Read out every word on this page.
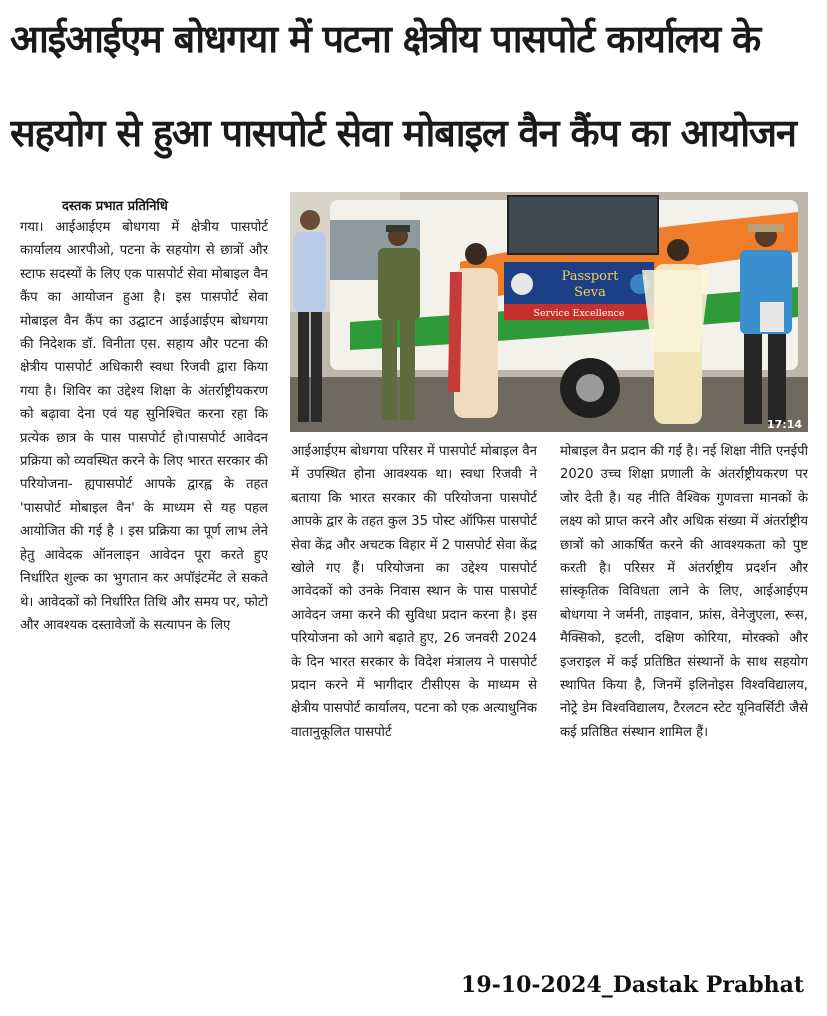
आईआईएम बोधगया में पटना क्षेत्रीय पासपोर्ट कार्यालय के
सहयोग से हुआ पासपोर्ट सेवा मोबाइल वैन कैंप का आयोजन
दस्तक प्रभात प्रतिनिधि
Passport
Seva
Service Excellence
17:14

गया। आईआईएम बोधगया में क्षेत्रीय पासपोर्ट कार्यालय आरपीओ, पटना के सहयोग से छात्रों और स्टाफ सदस्यों के लिए एक पासपोर्ट सेवा मोबाइल वैन कैंप का आयोजन हुआ है। इस पासपोर्ट सेवा मोबाइल वैन कैंप का उद्घाटन आईआईएम बोधगया की निदेशक डॉ. विनीता एस. सहाय और पटना की क्षेत्रीय पासपोर्ट अधिकारी स्वधा रिजवी द्वारा किया गया है। शिविर का उद्देश्य शिक्षा के अंतर्राष्ट्रीयकरण को बढ़ावा देना एवं यह सुनिश्चित करना रहा कि प्रत्येक छात्र के पास पासपोर्ट हो।पासपोर्ट आवेदन प्रक्रिया को व्यवस्थित करने के लिए भारत सरकार की परियोजना- ह्यपासपोर्ट आपके द्वारह्व के तहत 'पासपोर्ट मोबाइल वैन' के माध्यम से यह पहल आयोजित की गई है । इस प्रक्रिया का पूर्ण लाभ लेने हेतु आवेदक ऑनलाइन आवेदन पूरा करते हुए निर्धारित शुल्क का भुगतान कर अपॉइंटमेंट ले सकते थे। आवेदकों को निर्धारित तिथि और समय पर, फोटो और आवश्यक दस्तावेजों के सत्यापन के लिए

आईआईएम बोधगया परिसर में पासपोर्ट मोबाइल वैन में उपस्थित होना आवश्यक था। स्वधा रिजवी ने बताया कि भारत सरकार की परियोजना पासपोर्ट आपके द्वार के तहत कुल 35 पोस्ट ऑफिस पासपोर्ट सेवा केंद्र और अचटक विहार में 2 पासपोर्ट सेवा केंद्र खोले गए हैं। परियोजना का उद्देश्य पासपोर्ट आवेदकों को उनके निवास स्थान के पास पासपोर्ट आवेदन जमा करने की सुविधा प्रदान करना है। इस परियोजना को आगे बढ़ाते हुए, 26 जनवरी 2024 के दिन भारत सरकार के विदेश मंत्रालय ने पासपोर्ट प्रदान करने में भागीदार टीसीएस के माध्यम से क्षेत्रीय पासपोर्ट कार्यालय, पटना को एक अत्याधुनिक वातानुकूलित पासपोर्ट

मोबाइल वैन प्रदान की गई है। नई शिक्षा नीति एनईपी 2020 उच्च शिक्षा प्रणाली के अंतर्राष्ट्रीयकरण पर जोर देती है। यह नीति वैश्विक गुणवत्ता मानकों के लक्ष्य को प्राप्त करने और अधिक संख्या में अंतर्राष्ट्रीय छात्रों को आकर्षित करने की आवश्यकता को पुष्ट करती है। परिसर में अंतर्राष्ट्रीय प्रदर्शन और सांस्कृतिक विविधता लाने के लिए, आईआईएम बोधगया ने जर्मनी, ताइवान, फ्रांस, वेनेजुएला, रूस, मैक्सिको, इटली, दक्षिण कोरिया, मोरक्को और इजराइल में कई प्रतिष्ठित संस्थानों के साथ सहयोग स्थापित किया है, जिनमें इलिनोइस विश्वविद्यालय, नोट्रे डेम विश्वविद्यालय, टैरलटन स्टेट यूनिवर्सिटी जैसे कई प्रतिष्ठित संस्थान शामिल हैं।

19-10-2024_Dastak Prabhat
